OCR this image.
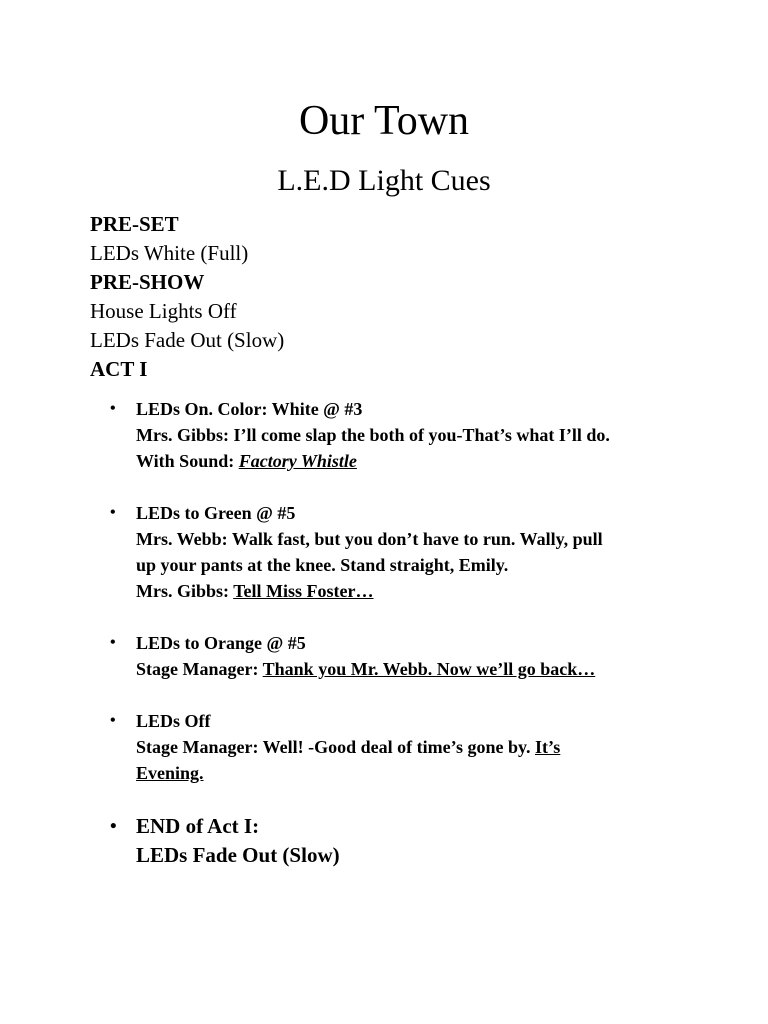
Our Town
L.E.D Light Cues
PRE-SET
LEDs White (Full)
PRE-SHOW
House Lights Off
LEDs Fade Out (Slow)
ACT I
• LEDs On. Color: White @ #3
Mrs. Gibbs: I’ll come slap the both of you-That’s what I’ll do.
With Sound: Factory Whistle
• LEDs to Green @ #5
Mrs. Webb: Walk fast, but you don’t have to run. Wally, pull
up your pants at the knee. Stand straight, Emily.
Mrs. Gibbs: Tell Miss Foster…
• LEDs to Orange @ #5
Stage Manager: Thank you Mr. Webb. Now we’ll go back…
• LEDs Off
Stage Manager: Well! -Good deal of time’s gone by. It’s
Evening.
• END of Act I:
LEDs Fade Out (Slow)
